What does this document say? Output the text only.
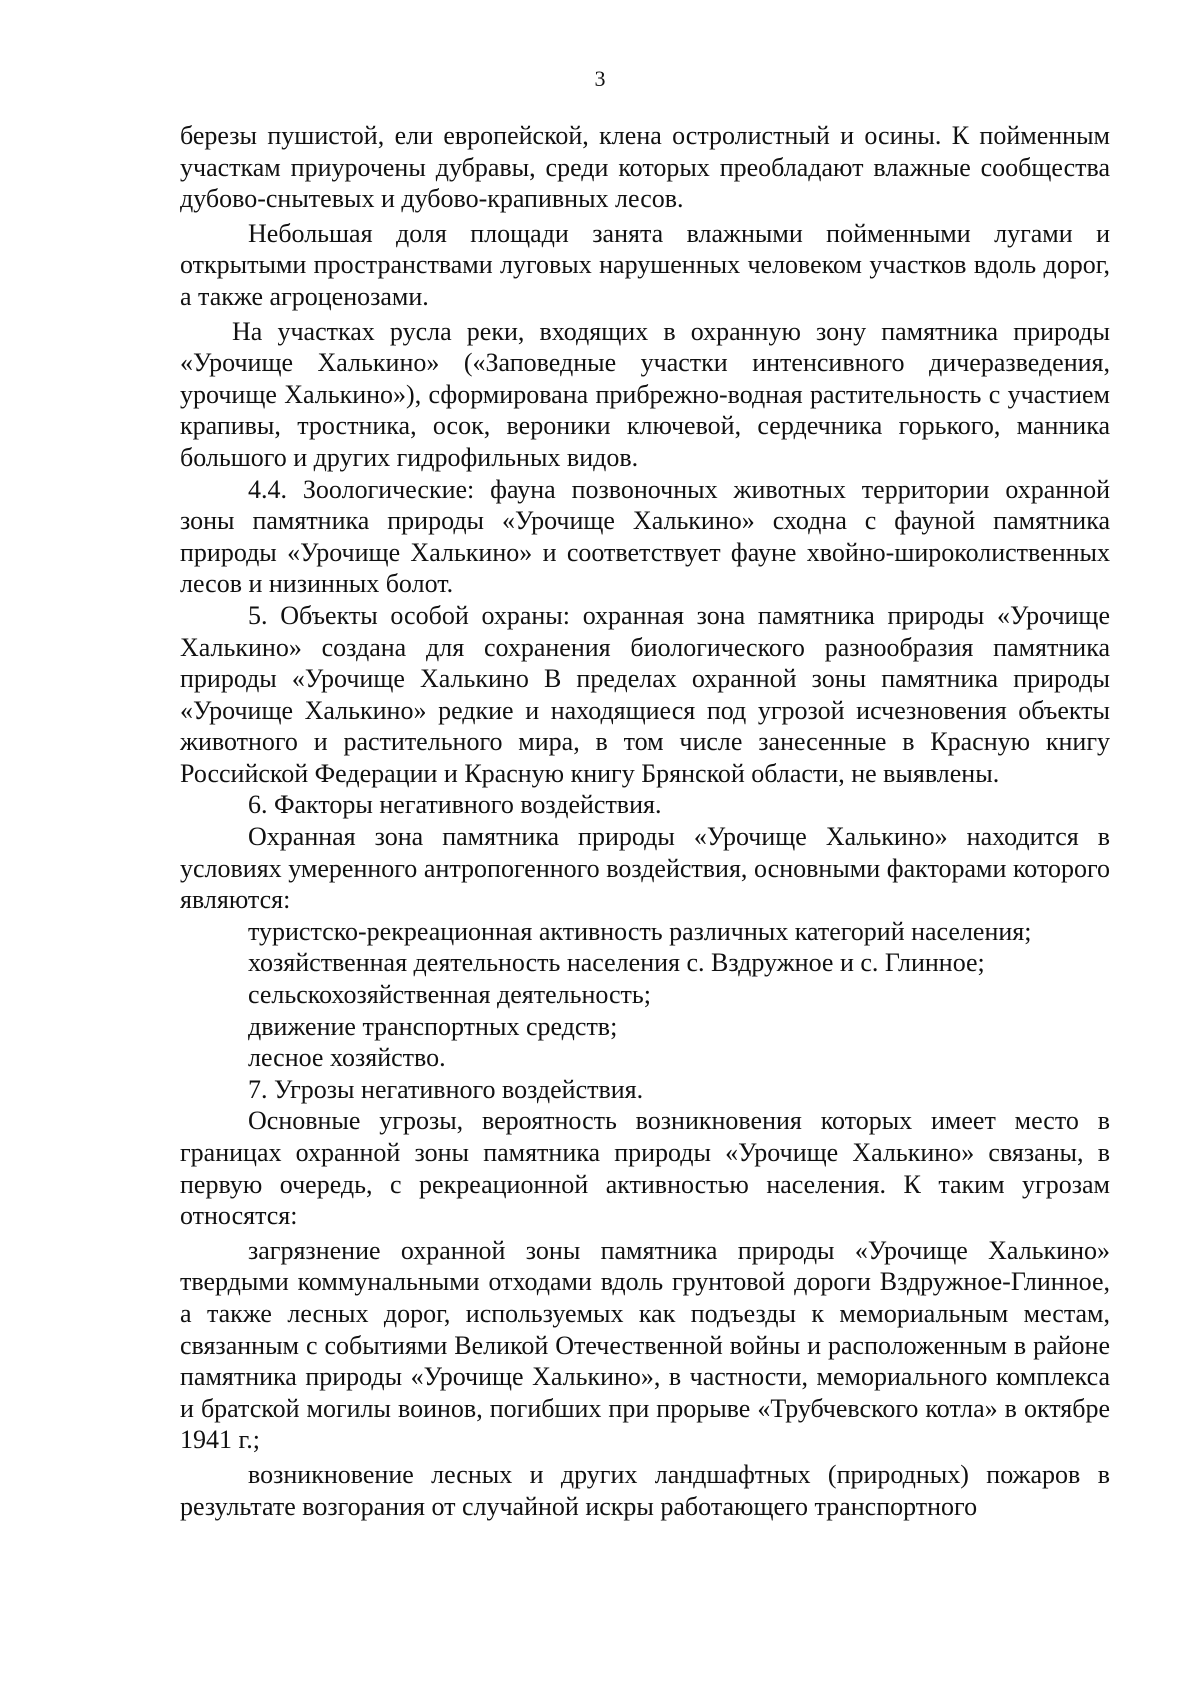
3

березы пушистой, ели европейской, клена остролистный и осины. К пойменным участкам приурочены дубравы, среди которых преобладают влажные сообщества дубово-снытевых и дубово-крапивных лесов.

Небольшая доля площади занята влажными пойменными лугами и открытыми пространствами луговых нарушенных человеком участков вдоль дорог, а также агроценозами.

На участках русла реки, входящих в охранную зону памятника природы «Урочище Халькино» («Заповедные участки интенсивного дичеразведения, урочище Халькино»), сформирована прибрежно-водная растительность с участием крапивы, тростника, осок, вероники ключевой, сердечника горького, манника большого и других гидрофильных видов.

4.4. Зоологические: фауна позвоночных животных территории охранной зоны памятника природы «Урочище Халькино» сходна с фауной памятника природы «Урочище Халькино» и соответствует фауне хвойно-широколиственных лесов и низинных болот.

5. Объекты особой охраны: охранная зона памятника природы «Урочище Халькино» создана для сохранения биологического разнообразия памятника природы «Урочище Халькино В пределах охранной зоны памятника природы «Урочище Халькино» редкие и находящиеся под угрозой исчезновения объекты животного и растительного мира, в том числе занесенные в Красную книгу Российской Федерации и Красную книгу Брянской области, не выявлены.

6. Факторы негативного воздействия.

Охранная зона памятника природы «Урочище Халькино» находится в условиях умеренного антропогенного воздействия, основными факторами которого являются:

туристско-рекреационная активность различных категорий населения;

хозяйственная деятельность населения с. Вздружное и с. Глинное;

сельскохозяйственная деятельность;

движение транспортных средств;

лесное хозяйство.

7. Угрозы негативного воздействия.

Основные угрозы, вероятность возникновения которых имеет место в границах охранной зоны памятника природы «Урочище Халькино» связаны, в первую очередь, с рекреационной активностью населения. К таким угрозам относятся:

загрязнение охранной зоны памятника природы «Урочище Халькино» твердыми коммунальными отходами вдоль грунтовой дороги Вздружное-Глинное, а также лесных дорог, используемых как подъезды к мемориальным местам, связанным с событиями Великой Отечественной войны и расположенным в районе памятника природы «Урочище Халькино», в частности, мемориального комплекса и братской могилы воинов, погибших при прорыве «Трубчевского котла» в октябре 1941 г.;

возникновение лесных и других ландшафтных (природных) пожаров в результате возгорания от случайной искры работающего транспортного
